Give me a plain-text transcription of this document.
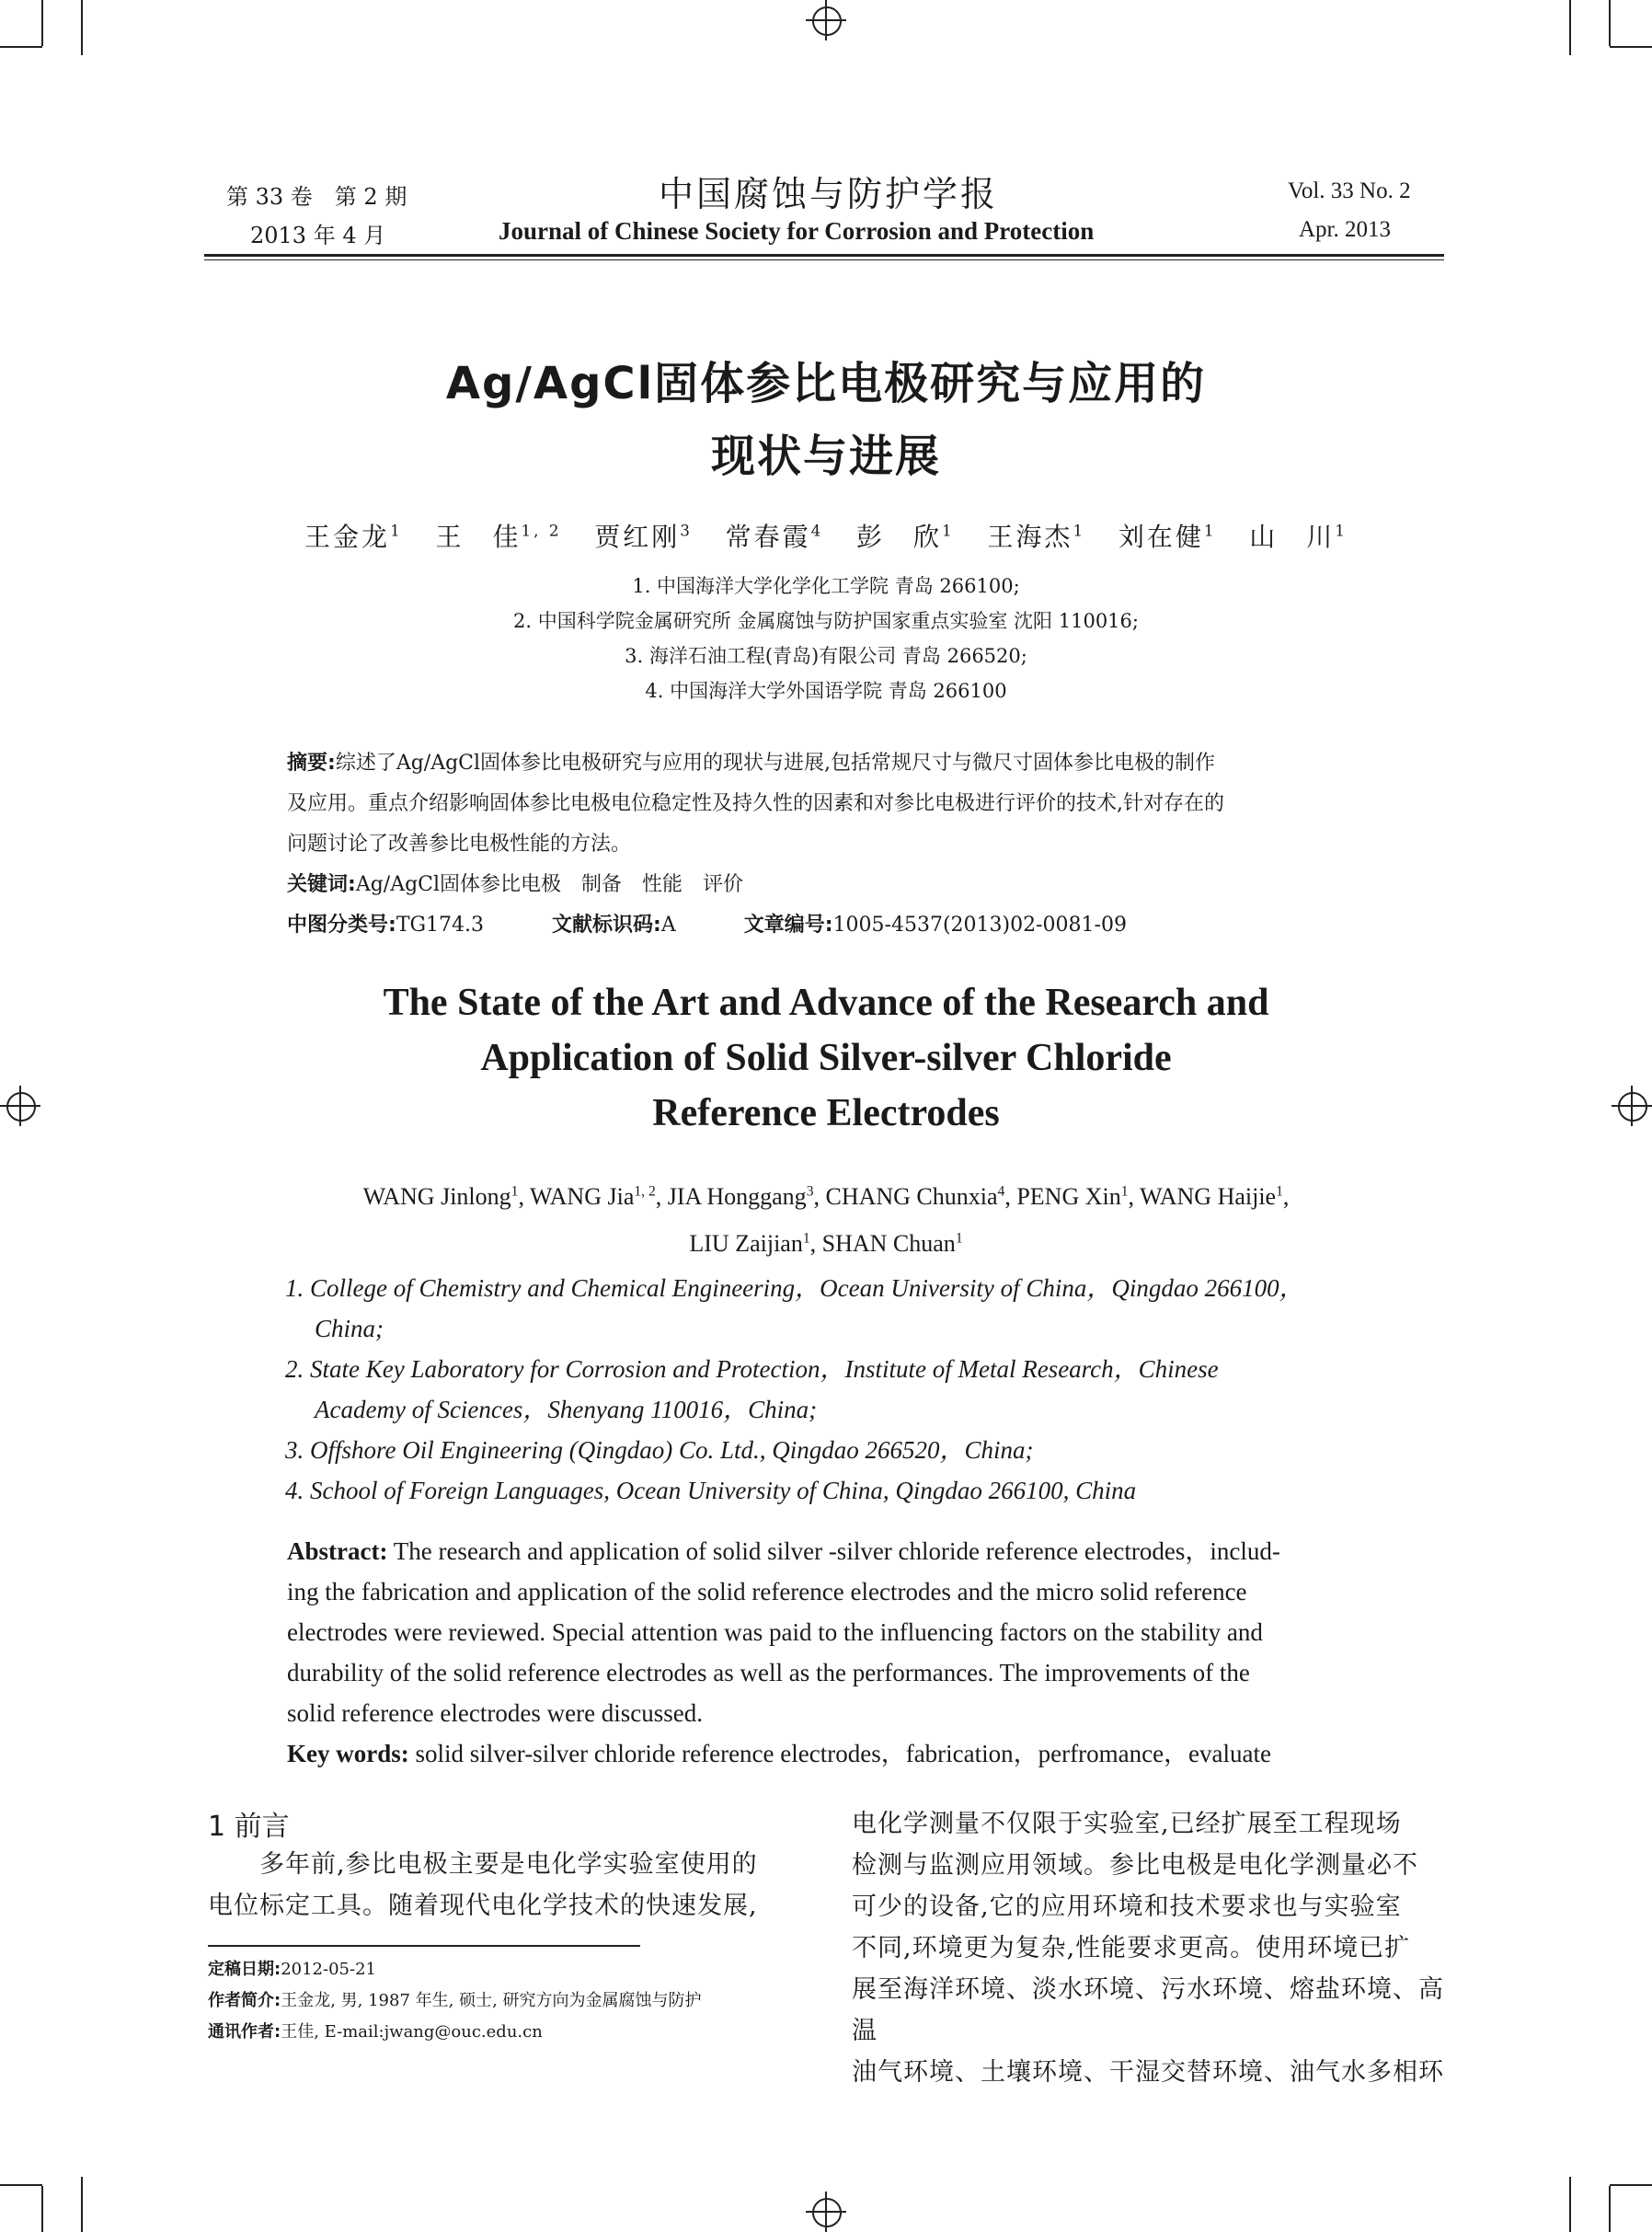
第 33 卷　第 2 期
2013 年 4 月
中国腐蚀与防护学报
Journal of Chinese Society for Corrosion and Protection
Vol. 33 No. 2
Apr. 2013
Ag/AgCl固体参比电极研究与应用的
现状与进展
王金龙$^1$ 王　佳$^{1, 2}$ 贾红刚$^3$ 常春霞$^4$ 彭　欣$^1$ 王海杰$^1$ 刘在健$^1$ 山　川$^1$
1. 中国海洋大学化学化工学院 青岛 266100;
2. 中国科学院金属研究所 金属腐蚀与防护国家重点实验室 沈阳 110016;
3. 海洋石油工程(青岛)有限公司 青岛 266520;
4. 中国海洋大学外国语学院 青岛 266100
摘要:综述了Ag/AgCl固体参比电极研究与应用的现状与进展,包括常规尺寸与微尺寸固体参比电极的制作
及应用。重点介绍影响固体参比电极电位稳定性及持久性的因素和对参比电极进行评价的技术,针对存在的
问题讨论了改善参比电极性能的方法。
关键词:Ag/AgCl固体参比电极　制备　性能　评价
中图分类号:TG174.3	文献标识码:A	文章编号:1005-4537(2013)02-0081-09
The State of the Art and Advance of the Research and
Application of Solid Silver-silver Chloride
Reference Electrodes
WANG Jinlong$^1$, WANG Jia$^{1, 2}$, JIA Honggang$^3$, CHANG Chunxia$^4$, PENG Xin$^1$, WANG Haijie$^1$,
LIU Zaijian$^1$, SHAN Chuan$^1$
1. College of Chemistry and Chemical Engineering，Ocean University of China，Qingdao 266100，
China;
2. State Key Laboratory for Corrosion and Protection，Institute of Metal Research，Chinese
Academy of Sciences，Shenyang 110016，China;
3. Offshore Oil Engineering (Qingdao) Co. Ltd., Qingdao 266520，China;
4. School of Foreign Languages, Ocean University of China, Qingdao 266100, China
Abstract: The research and application of solid silver -silver chloride reference electrodes，includ-
ing the fabrication and application of the solid reference electrodes and the micro solid reference
electrodes were reviewed. Special attention was paid to the influencing factors on the stability and
durability of the solid reference electrodes as well as the performances. The improvements of the
solid reference electrodes were discussed.
Key words: solid silver-silver chloride reference electrodes，fabrication，perfromance，evaluate
1 前言
多年前,参比电极主要是电化学实验室使用的
电位标定工具。随着现代电化学技术的快速发展,
定稿日期:2012-05-21
作者简介:王金龙, 男, 1987 年生, 硕士, 研究方向为金属腐蚀与防护
通讯作者:王佳, E-mail:jwang@ouc.edu.cn
电化学测量不仅限于实验室,已经扩展至工程现场
检测与监测应用领域。参比电极是电化学测量必不
可少的设备,它的应用环境和技术要求也与实验室
不同,环境更为复杂,性能要求更高。使用环境已扩
展至海洋环境、淡水环境、污水环境、熔盐环境、高温
油气环境、土壤环境、干湿交替环境、油气水多相环
